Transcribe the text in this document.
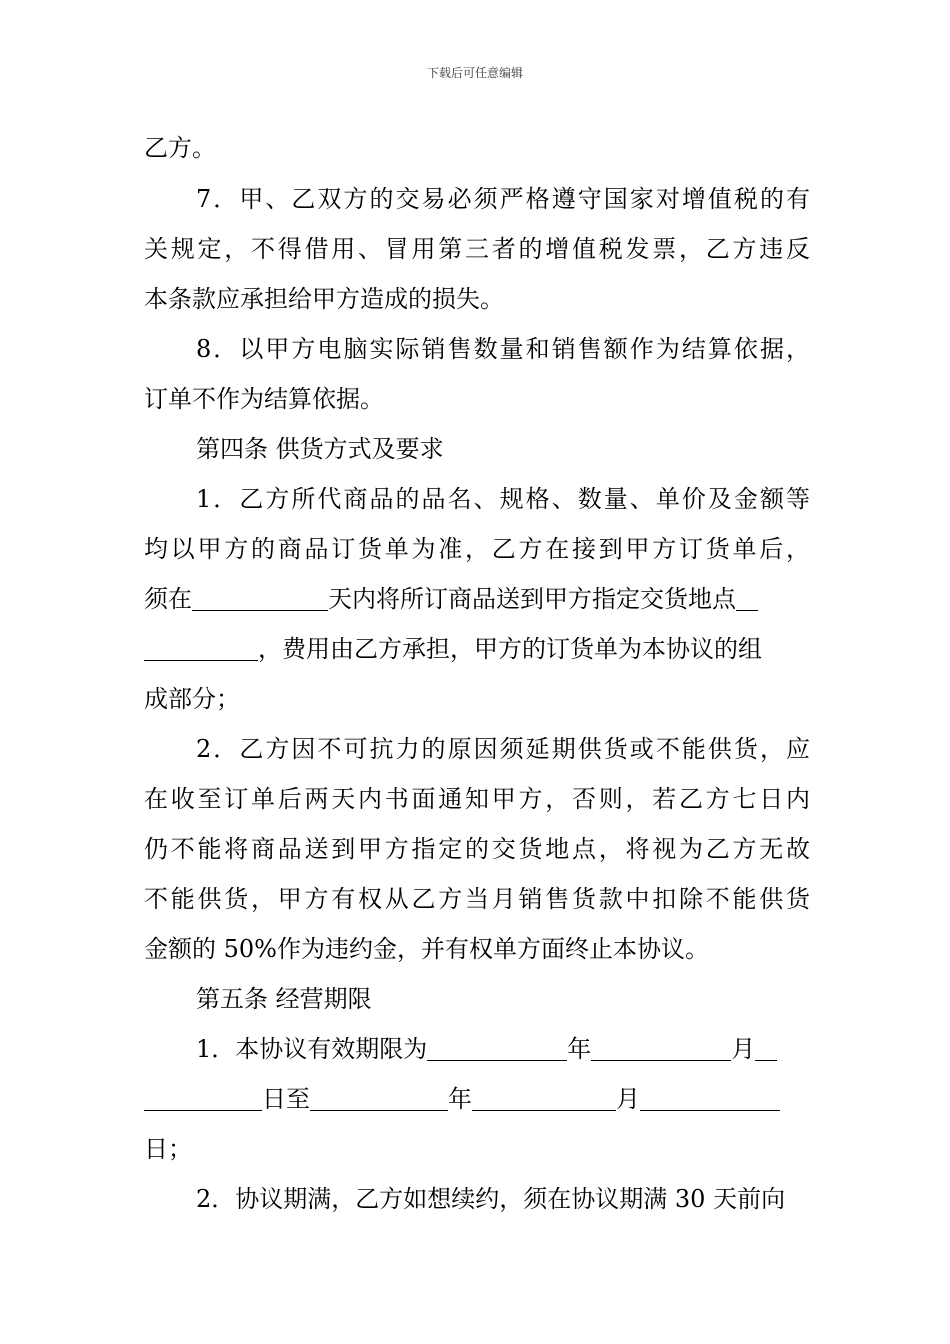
下载后可任意编辑
乙方。
7．甲、乙双方的交易必须严格遵守国家对增值税的有
关规定，不得借用、冒用第三者的增值税发票，乙方违反
本条款应承担给甲方造成的损失。
8．以甲方电脑实际销售数量和销售额作为结算依据，
订单不作为结算依据。
第四条 供货方式及要求
1．乙方所代商品的品名、规格、数量、单价及金额等
均以甲方的商品订货单为准，乙方在接到甲方订货单后，
须在	天内将所订商品送到甲方指定交货地点
，费用由乙方承担，甲方的订货单为本协议的组
成部分；
2．乙方因不可抗力的原因须延期供货或不能供货，应
在收至订单后两天内书面通知甲方，否则，若乙方七日内
仍不能将商品送到甲方指定的交货地点，将视为乙方无故
不能供货，甲方有权从乙方当月销售货款中扣除不能供货
金额的 50%作为违约金，并有权单方面终止本协议。
第五条 经营期限
1．本协议有效期限为	年	月
日至	年	月
日；
2．协议期满，乙方如想续约，须在协议期满 30 天前向
